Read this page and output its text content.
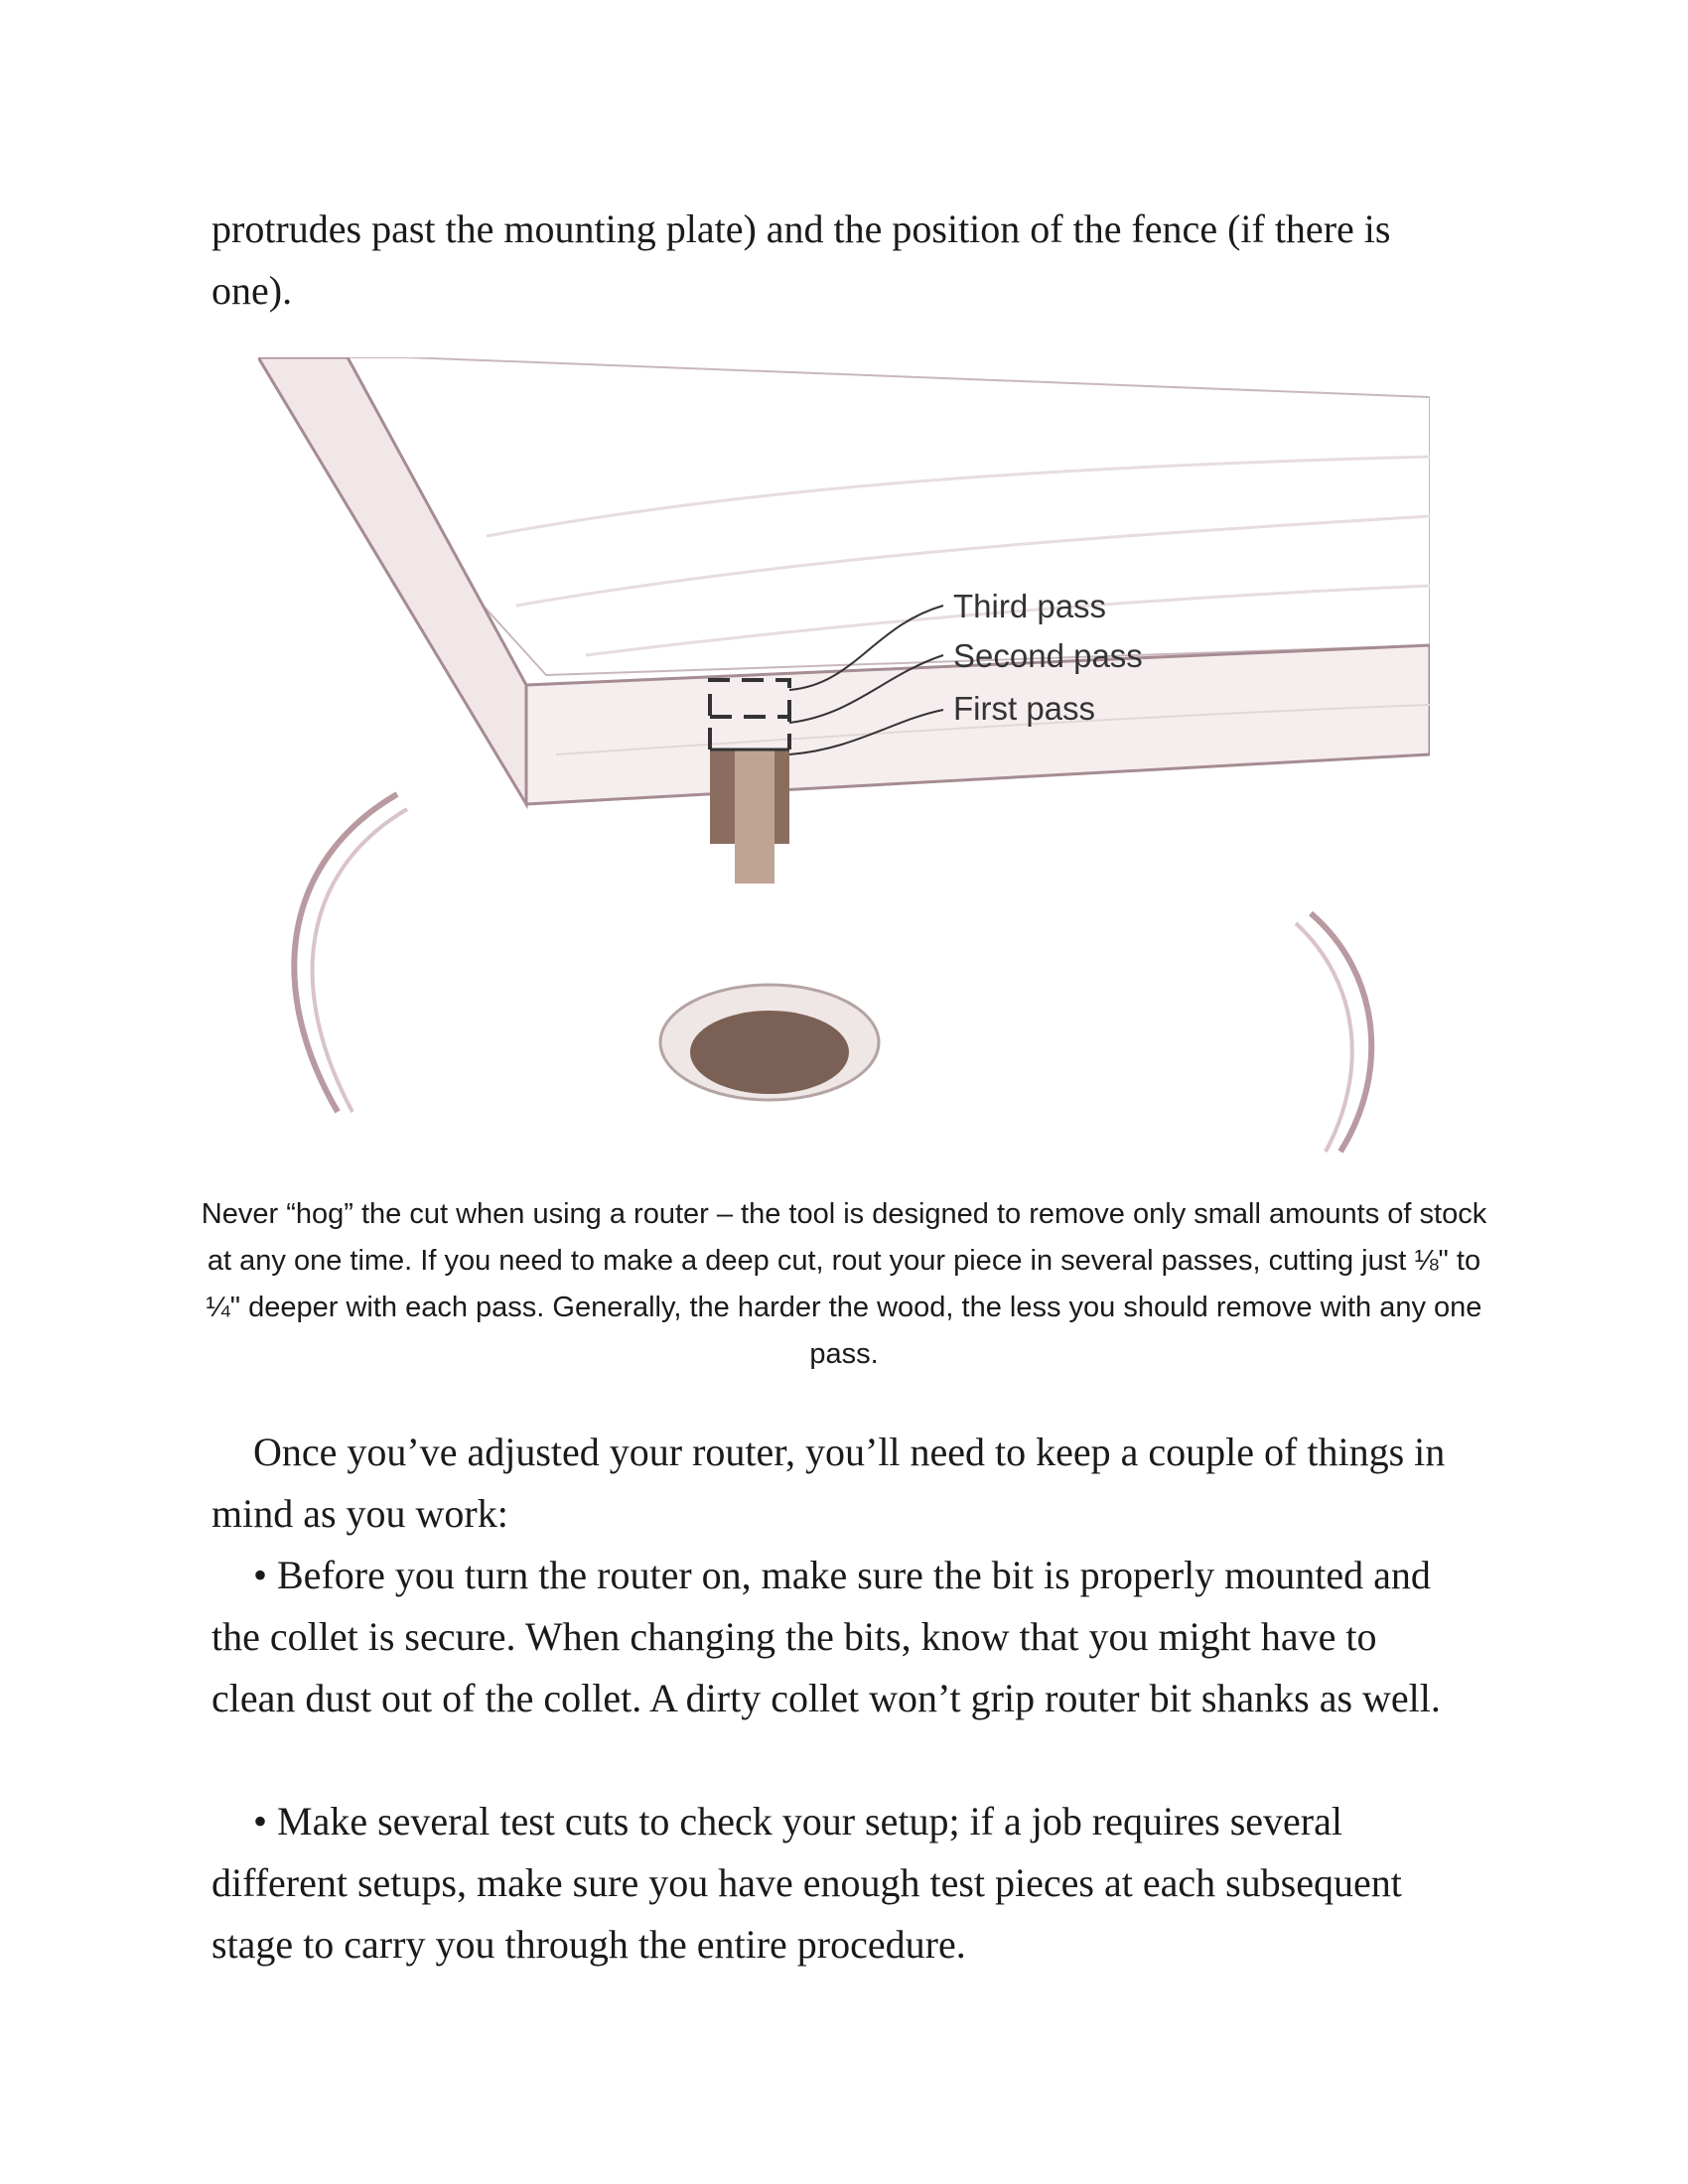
protrudes past the mounting plate) and the position of the fence (if there is one).

Third pass
Second pass
First pass

Never “hog” the cut when using a router – the tool is designed to remove only small amounts of stock at any one time. If you need to make a deep cut, rout your piece in several passes, cutting just ⅛" to ¼" deeper with each pass. Generally, the harder the wood, the less you should remove with any one pass.

Once you’ve adjusted your router, you’ll need to keep a couple of things in mind as you work:

• Before you turn the router on, make sure the bit is properly mounted and the collet is secure. When changing the bits, know that you might have to clean dust out of the collet. A dirty collet won’t grip router bit shanks as well.

• Make several test cuts to check your setup; if a job requires several different setups, make sure you have enough test pieces at each subsequent stage to carry you through the entire procedure.
